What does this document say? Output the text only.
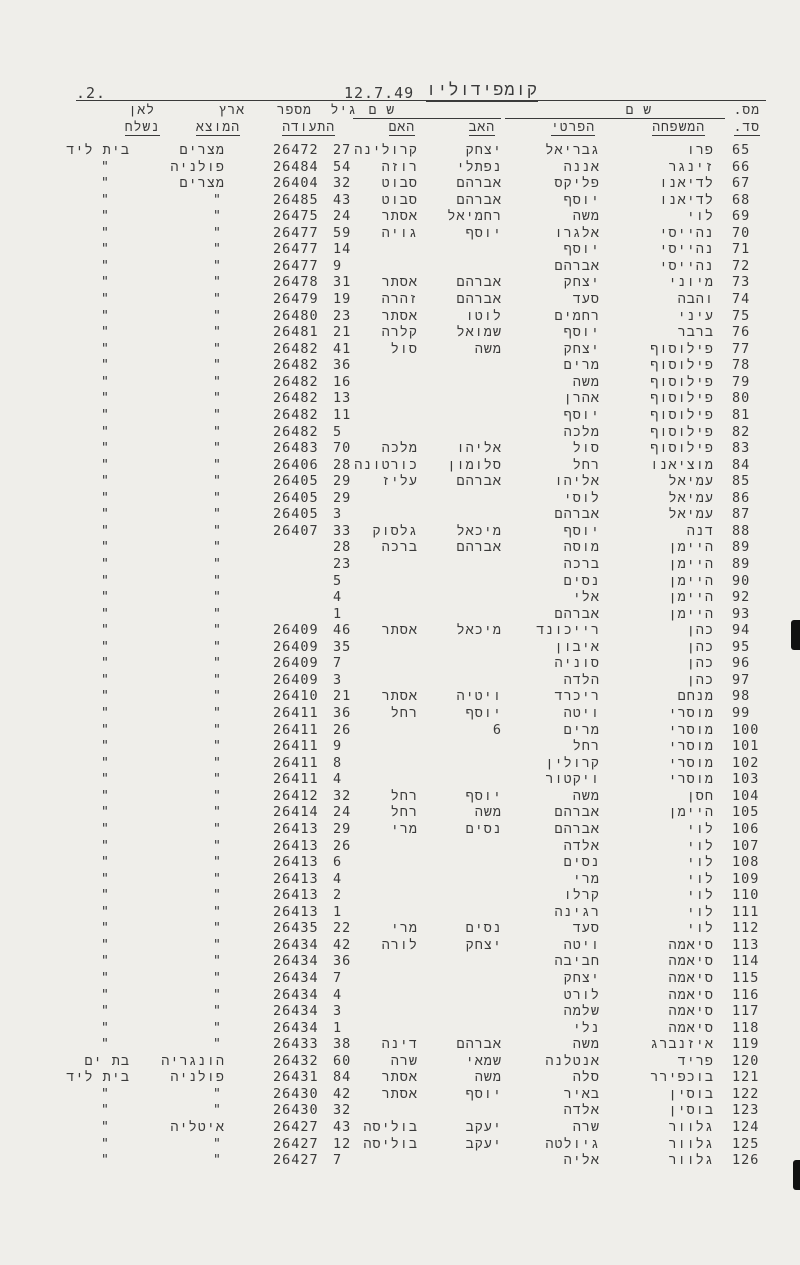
.2.	12.7.49 קומפידוליו
מס.
ש ם
ש ם
גיל
מספר
ארץ
לאן
סד.
המשפחה
הפרטי
האב
האם
התעודה
המוצא
נשלח
65
פרו
גבריאל
יצחק
קרולינה
27
26472
מצרים
בית ליד
66
זינגר
אננה
נפתלי
רוזה
54
26484
פולניה
"
67
לדיאנו
פליקס
אברהם
סבוט
32
26404
מצרים
"
68
לדיאנו
יוסף
אברהם
סבוט
43
26485
"
"
69
לוי
משה
רחמיאל
אסתר
24
26475
"
"
70
נהייסי
אלגרו
יוסף
גויה
59
26477
"
"
71
נהייסי
יוסף
14
26477
"
"
72
נהייסי
אברהם
9
26477
"
"
73
מיוני
יצחק
אברהם
אסתר
31
26478
"
"
74
והבה
סעד
אברהם
זהרה
19
26479
"
"
75
עיני
רחמים
לוטו
אסתר
23
26480
"
"
76
ברבר
יוסף
שמואל
קלרה
21
26481
"
"
77
פילוסוף
יצחק
משה
סול
41
26482
"
"
78
פילוסוף
מרים
36
26482
"
"
79
פילוסוף
משה
16
26482
"
"
80
פילוסוף
אהרן
13
26482
"
"
81
פילוסוף
יוסף
11
26482
"
"
82
פילוסוף
מלכה
5
26482
"
"
83
פילוסוף
סול
אליהו
מלכה
70
26483
"
"
84
מוציאנו
רחל
סלומון
כורטונה
28
26406
"
"
85
עמיאל
אליהו
אברהם
עליז
29
26405
"
"
86
עמיאל
לוסי
29
26405
"
"
87
עמיאל
אברהם
3
26405
"
"
88
דנה
יוסף
מיכאל
גלסוק
33
26407
"
"
89
היימן
מוסה
אברהם
ברכה
28
"
"
89
היימן
ברכה
23
"
"
90
היימן
נסים
5
"
"
92
היימן
אלי
4
"
"
93
היימן
אברהם
1
"
"
94
כהן
רייכונד
מיכאל
אסתר
46
26409
"
"
95
כהן
איבון
35
26409
"
"
96
כהן
סוניה
7
26409
"
"
97
כהן
הלדה
3
26409
"
"
98
מנחם
ריכרד
ויטיה
אסתר
21
26410
"
"
99
מוסרי
ויטה
יוסף
רחל
36
26411
"
"
100
מוסרי
מרים
6
26
26411
"
"
101
מוסרי
רחל
9
26411
"
"
102
מוסרי
קרולין
8
26411
"
"
103
מוסרי
ויקטור
4
26411
"
"
104
חסן
משה
יוסף
רחל
32
26412
"
"
105
היימן
אברהם
משה
רחל
24
26414
"
"
106
לוי
אברהם
נסים
מרי
29
26413
"
"
107
לוי
אלדה
26
26413
"
"
108
לוי
נסים
6
26413
"
"
109
לוי
מרי
4
26413
"
"
110
לוי
קרלו
2
26413
"
"
111
לוי
רגינה
1
26413
"
"
112
לוי
סעד
נסים
מרי
22
26435
"
"
113
סיאמה
ויטה
יצחק
לורה
42
26434
"
"
114
סיאמה
חביבה
36
26434
"
"
115
סיאמה
יצחק
7
26434
"
"
116
סיאמה
לורט
4
26434
"
"
117
סיאמה
שלמה
3
26434
"
"
118
סיאמה
נלי
1
26434
"
"
119
איזנברג
משה
אברהם
דינה
38
26433
"
"
120
פריד
אנטלנה
שמאי
שרה
60
26432
הונגריה
בת ים
121
בוכפירר
סלה
משה
אסתר
84
26431
פולניה
בית ליד
122
בוסין
באיר
יוסף
אסתר
42
26430
"
"
123
בוסין
אלדה
32
26430
"
"
124
גלוור
שרה
יעקב
בוליסה
43
26427
איטליה
"
125
גלוור
גיולטה
יעקב
בוליסה
12
26427
"
"
126
גלוור
אליה
7
26427
"
"
